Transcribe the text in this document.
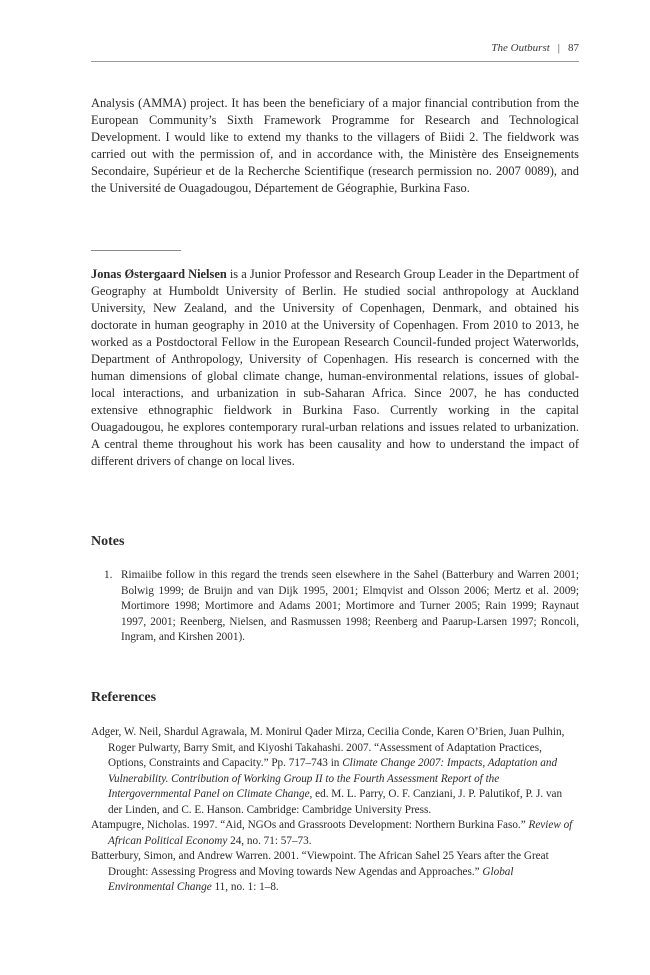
The Outburst | 87

Analysis (AMMA) project. It has been the beneficiary of a major financial contribution from the European Community’s Sixth Framework Programme for Research and Technological Development. I would like to extend my thanks to the villagers of Biidi 2. The fieldwork was carried out with the permission of, and in accordance with, the Ministère des Enseignements Secondaire, Supérieur et de la Recherche Scientifique (research permission no. 2007 0089), and the Université de Ouagadougou, Département de Géographie, Burkina Faso.

Jonas Østergaard Nielsen is a Junior Professor and Research Group Leader in the Department of Geography at Humboldt University of Berlin. He studied social anthropology at Auckland University, New Zealand, and the University of Copenhagen, Denmark, and obtained his doctorate in human geography in 2010 at the University of Copenhagen. From 2010 to 2013, he worked as a Postdoctoral Fellow in the European Research Council-funded project Waterworlds, Department of Anthropology, University of Copenhagen. His research is concerned with the human dimensions of global climate change, human-environmental relations, issues of global-local interactions, and urbanization in sub-Saharan Africa. Since 2007, he has conducted extensive ethnographic fieldwork in Burkina Faso. Currently working in the capital Ouagadougou, he explores contemporary rural-urban relations and issues related to urbanization. A central theme throughout his work has been causality and how to understand the impact of different drivers of change on local lives.

Notes
1. Rimaiibe follow in this regard the trends seen elsewhere in the Sahel (Batterbury and Warren 2001; Bolwig 1999; de Bruijn and van Dijk 1995, 2001; Elmqvist and Olsson 2006; Mertz et al. 2009; Mortimore 1998; Mortimore and Adams 2001; Mortimore and Turner 2005; Rain 1999; Raynaut 1997, 2001; Reenberg, Nielsen, and Rasmussen 1998; Reenberg and Paarup-Larsen 1997; Roncoli, Ingram, and Kirshen 2001).
References

Adger, W. Neil, Shardul Agrawala, M. Monirul Qader Mirza, Cecilia Conde, Karen O’Brien, Juan Pulhin, Roger Pulwarty, Barry Smit, and Kiyoshi Takahashi. 2007. “Assessment of Adaptation Practices, Options, Constraints and Capacity.” Pp. 717–743 in Climate Change 2007: Impacts, Adaptation and Vulnerability. Contribution of Working Group II to the Fourth Assessment Report of the Intergovernmental Panel on Climate Change, ed. M. L. Parry, O. F. Canziani, J. P. Palutikof, P. J. van der Linden, and C. E. Hanson. Cambridge: Cambridge University Press.

Atampugre, Nicholas. 1997. “Aid, NGOs and Grassroots Development: Northern Burkina Faso.” Review of African Political Economy 24, no. 71: 57–73.

Batterbury, Simon, and Andrew Warren. 2001. “Viewpoint. The African Sahel 25 Years after the Great Drought: Assessing Progress and Moving towards New Agendas and Approaches.” Global Environmental Change 11, no. 1: 1–8.
